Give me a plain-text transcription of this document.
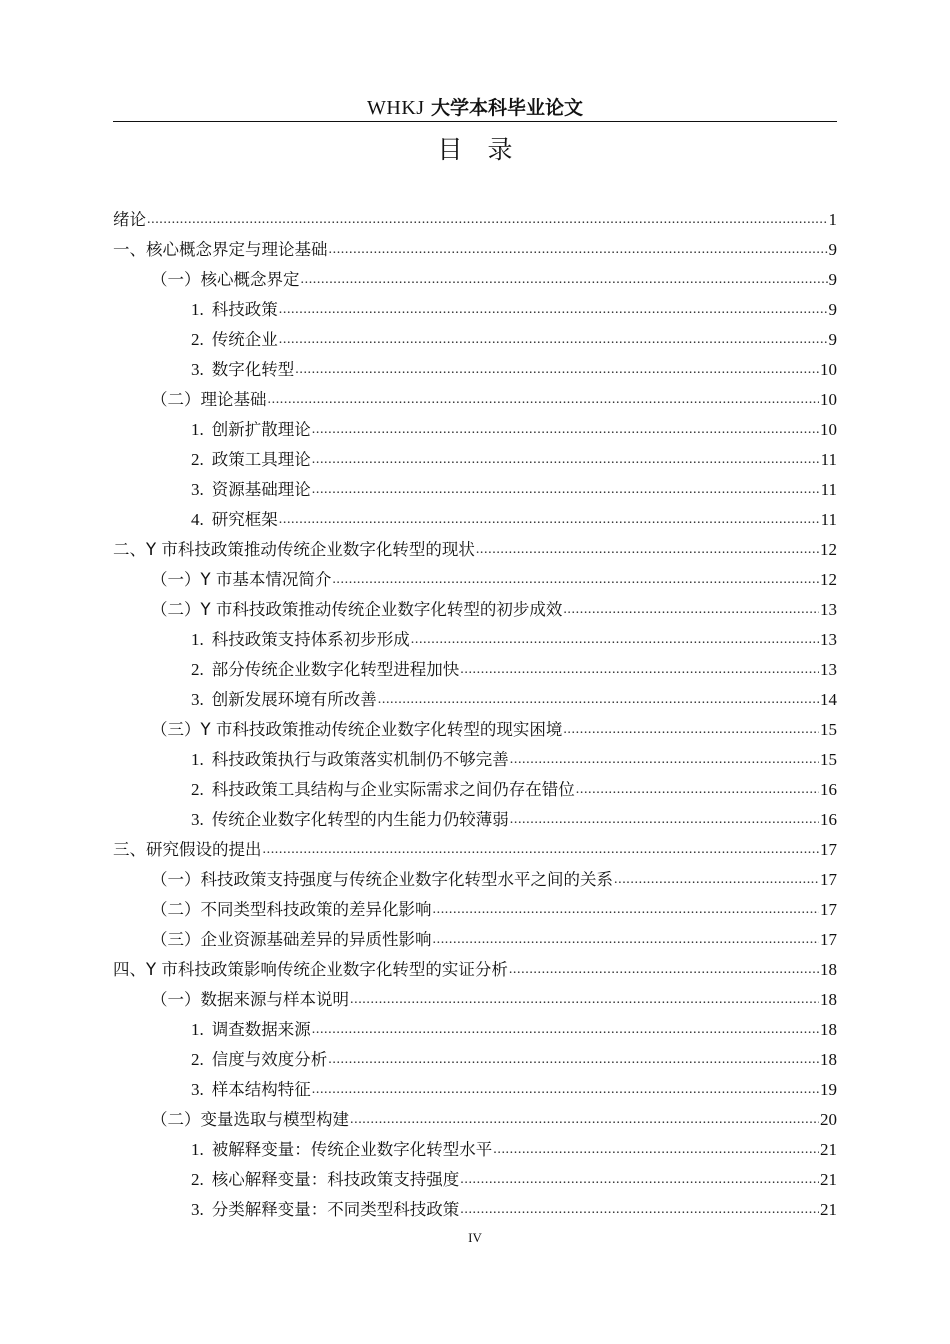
WHKJ 大学本科毕业论文
目　录
绪论 .....	1
一、核心概念界定与理论基础 .....	9
（一）核心概念界定 .....	9
1. 科技政策 .....	9
2. 传统企业 .....	9
3. 数字化转型 .....	10
（二）理论基础 .....	10
1. 创新扩散理论 .....	10
2. 政策工具理论 .....	11
3. 资源基础理论 .....	11
4. 研究框架 .....	11
二、Y 市科技政策推动传统企业数字化转型的现状 .....	12
（一）Y 市基本情况简介 .....	12
（二）Y 市科技政策推动传统企业数字化转型的初步成效 .....	13
1. 科技政策支持体系初步形成 .....	13
2. 部分传统企业数字化转型进程加快 .....	13
3. 创新发展环境有所改善 .....	14
（三）Y 市科技政策推动传统企业数字化转型的现实困境 .....	15
1. 科技政策执行与政策落实机制仍不够完善 .....	15
2. 科技政策工具结构与企业实际需求之间仍存在错位 .....	16
3. 传统企业数字化转型的内生能力仍较薄弱 .....	16
三、研究假设的提出 .....	17
（一）科技政策支持强度与传统企业数字化转型水平之间的关系 .....	17
（二）不同类型科技政策的差异化影响 .....	17
（三）企业资源基础差异的异质性影响 .....	17
四、Y 市科技政策影响传统企业数字化转型的实证分析 .....	18
（一）数据来源与样本说明 .....	18
1. 调查数据来源 .....	18
2. 信度与效度分析 .....	18
3. 样本结构特征 .....	19
（二）变量选取与模型构建 .....	20
1. 被解释变量：传统企业数字化转型水平 .....	21
2. 核心解释变量：科技政策支持强度 .....	21
3. 分类解释变量：不同类型科技政策 .....	21
IV
